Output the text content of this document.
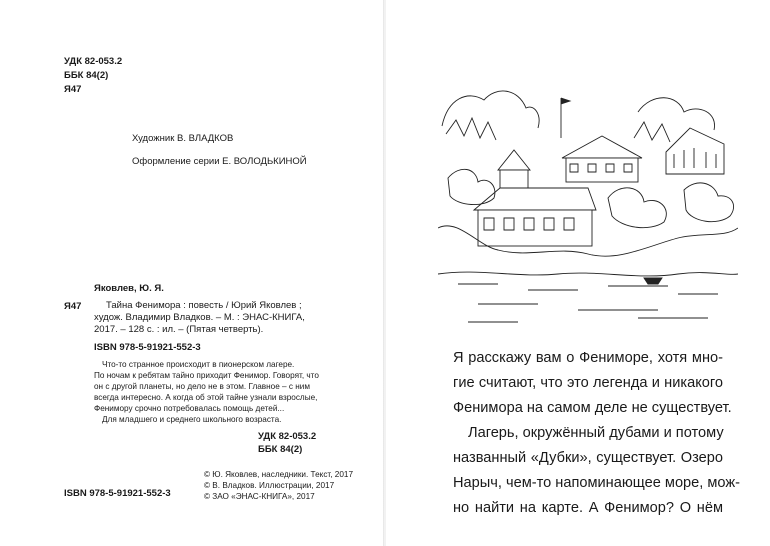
УДК 82-053.2
ББК 84(2)
Я47
Художник В. ВЛАДКОВ
Оформление серии Е. ВОЛОДЬКИНОЙ
Я47
Яковлев, Ю. Я.
Тайна Фенимора : повесть / Юрий Яковлев ;
худож. Владимир Владков. – М. : ЭНАС-КНИГА,
2017. – 128 с. : ил. – (Пятая четверть).
ISBN 978-5-91921-552-3
Что-то странное происходит в пионерском лагере.
По ночам к ребятам тайно приходит Фенимор. Говорят, что
он с другой планеты, но дело не в этом. Главное – с ним
всегда интересно. А когда об этой тайне узнали взрослые,
Фенимору срочно потребовалась помощь детей...
Для младшего и среднего школьного возраста.
УДК 82-053.2
ББК 84(2)
© Ю. Яковлев, наследники. Текст, 2017
© В. Владков. Иллюстрации, 2017
© ЗАО «ЭНАС-КНИГА», 2017
ISBN 978-5-91921-552-3
Я расскажу вам о Фениморе, хотя мно-
гие считают, что это легенда и никакого
Фенимора на самом деле не существует.
Лагерь, окружённый дубами и потому
названный «Дубки», существует. Озеро
Нарыч, чем-то напоминающее море, мож-
но найти на карте. А Фенимор? О нём
